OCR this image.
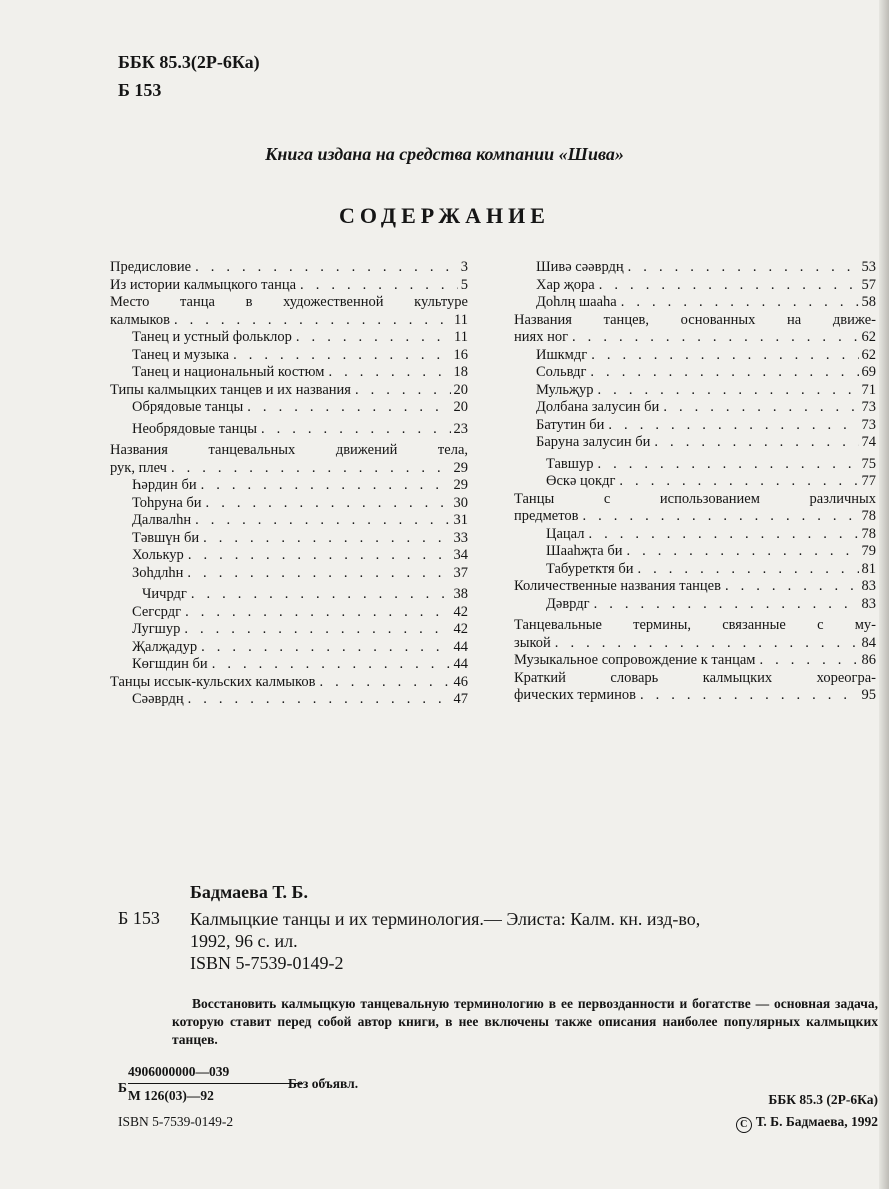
ББК 85.3(2Р-6Ка)
Б 153
Книга издана на средства компании «Шива»
СОДЕРЖАНИЕ
Предисловие . . .	3
Из истории калмыцкого танца . . .	5
Место танца в художественной культуре
калмыков . . .	11
Танец и устный фольклор . . .	11
Танец и музыка . . .	16
Танец и национальный костюм . . .	18
Типы калмыцких танцев и их названия . . .	20
Обрядовые танцы . . .	20
Необрядовые танцы . . .	23
Названия танцевальных движений тела,
рук, плеч . . .	29
Һәрдин би . . .	29
Тоһруна би . . .	30
Далвалһн . . .	31
Тәвшүн би . . .	33
Холькур . . .	34
Зоһдлһн . . .	37
Чичрдг . . .	38
Сегсрдг . . .	42
Лугшур . . .	42
Җалҗадур . . .	44
Көгшдин би . . .	44
Танцы иссык-кульских калмыков . . .	46
Сәәврдң . . .	47
Шивә сәәврдң . . .	53
Хар җора . . .	57
Доһлң шааһа . . .	58
Названия танцев, основанных на движе-
ниях ног . . .	62
Ишкмдг . . .	62
Сольвдг . . .	69
Мульҗур . . .	71
Долбана залусин би . . .	73
Батутин би . . .	73
Баруна залусин би . . .	74
Тавшур . . .	75
Өскә цокдг . . .	77
Танцы с использованием различных
предметов . . .	78
Цацал . . .	78
Шааһҗта би . . .	79
Табуретктя би . . .	81
Количественные названия танцев . . .	83
Дәврдг . . .	83
Танцевальные термины, связанные с му-
зыкой . . .	84
Музыкальное сопровождение к танцам . . .	86
Краткий словарь калмыцких хореогра-
фических терминов . . .	95
Бадмаева Т. Б.
Б 153 Калмыцкие танцы и их терминология.— Элиста: Калм. кн. изд-во,
1992, 96 с. ил.
ISBN 5-7539-0149-2
Восстановить калмыцкую танцевальную терминологию в ее первозданности и богатстве — основная задача, которую ставит перед собой автор книги, в нее включены также описания наиболее популярных калмыцких танцев.
Б
4906000000—039
М 126(03)—92
Без объявл.
ББК 85.3 (2Р-6Ка)
ISBN 5-7539-0149-2	C Т. Б. Бадмаева, 1992
